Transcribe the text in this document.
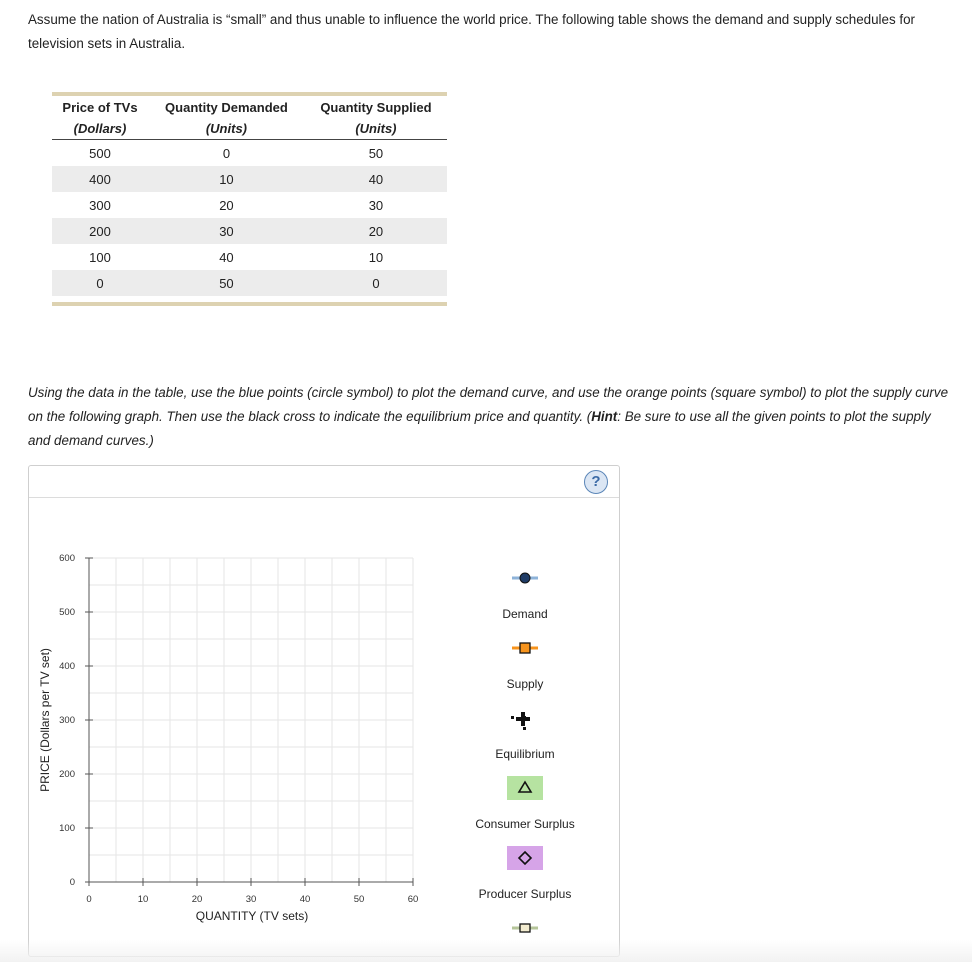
Assume the nation of Australia is “small” and thus unable to influence the world price. The following table shows the demand and supply schedules for television sets in Australia.
Price of TVs	Quantity Demanded	Quantity Supplied
(Dollars)	(Units)	(Units)
500	0	50
400	10	40
300	20	30
200	30	20
100	40	10
0	50	0
Using the data in the table, use the blue points (circle symbol) to plot the demand curve, and use the orange points (square symbol) to plot the supply curve on the following graph. Then use the black cross to indicate the equilibrium price and quantity. (Hint: Be sure to use all the given points to plot the supply and demand curves.)
?
0	10	20	30	40	50	60
0
100
200
300
400
500
600
QUANTITY (TV sets)
PRICE (Dollars per TV set)
Demand
Supply
Equilibrium
Consumer Surplus
Producer Surplus
